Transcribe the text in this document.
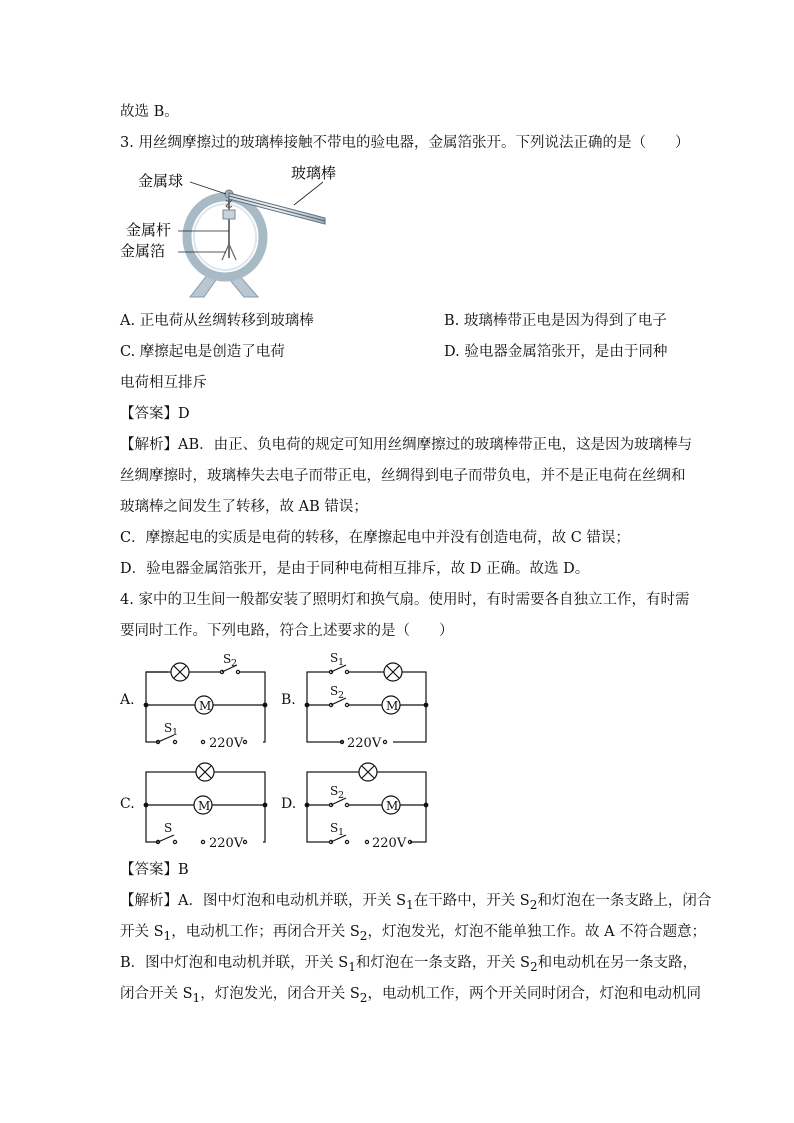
故选 B。
3. 用丝绸摩擦过的玻璃棒接触不带电的验电器，金属箔张开。下列说法正确的是（　　）
金属球	玻璃棒
金属杆
金属箔
A. 正电荷从丝绸转移到玻璃棒	B. 玻璃棒带正电是因为得到了电子
C. 摩擦起电是创造了电荷	D. 验电器金属箔张开，是由于同种
电荷相互排斥
【答案】D
【解析】AB．由正、负电荷的规定可知用丝绸摩擦过的玻璃棒带正电，这是因为玻璃棒与
丝绸摩擦时，玻璃棒失去电子而带正电，丝绸得到电子而带负电，并不是正电荷在丝绸和
玻璃棒之间发生了转移，故 AB 错误；
C．摩擦起电的实质是电荷的转移，在摩擦起电中并没有创造电荷，故 C 错误；
D．验电器金属箔张开，是由于同种电荷相互排斥，故 D 正确。故选 D。
4. 家中的卫生间一般都安装了照明灯和换气扇。使用时，有时需要各自独立工作，有时需
要同时工作。下列电路，符合上述要求的是（　　）
A.
S 2
M
S 1
220V
B.
S 1
S 2
M
220V
C.	M
S
220V
D.
S 2
M
S 1
220V
【答案】B
【解析】A．图中灯泡和电动机并联，开关 $S_1$在干路中，开关 $S_2$和灯泡在一条支路上，闭合
开关 $S_1$，电动机工作；再闭合开关 $S_2$，灯泡发光，灯泡不能单独工作。故 A 不符合题意；
B．图中灯泡和电动机并联，开关 $S_1$和灯泡在一条支路，开关 $S_2$和电动机在另一条支路，
闭合开关 $S_1$，灯泡发光，闭合开关 $S_2$，电动机工作，两个开关同时闭合，灯泡和电动机同
